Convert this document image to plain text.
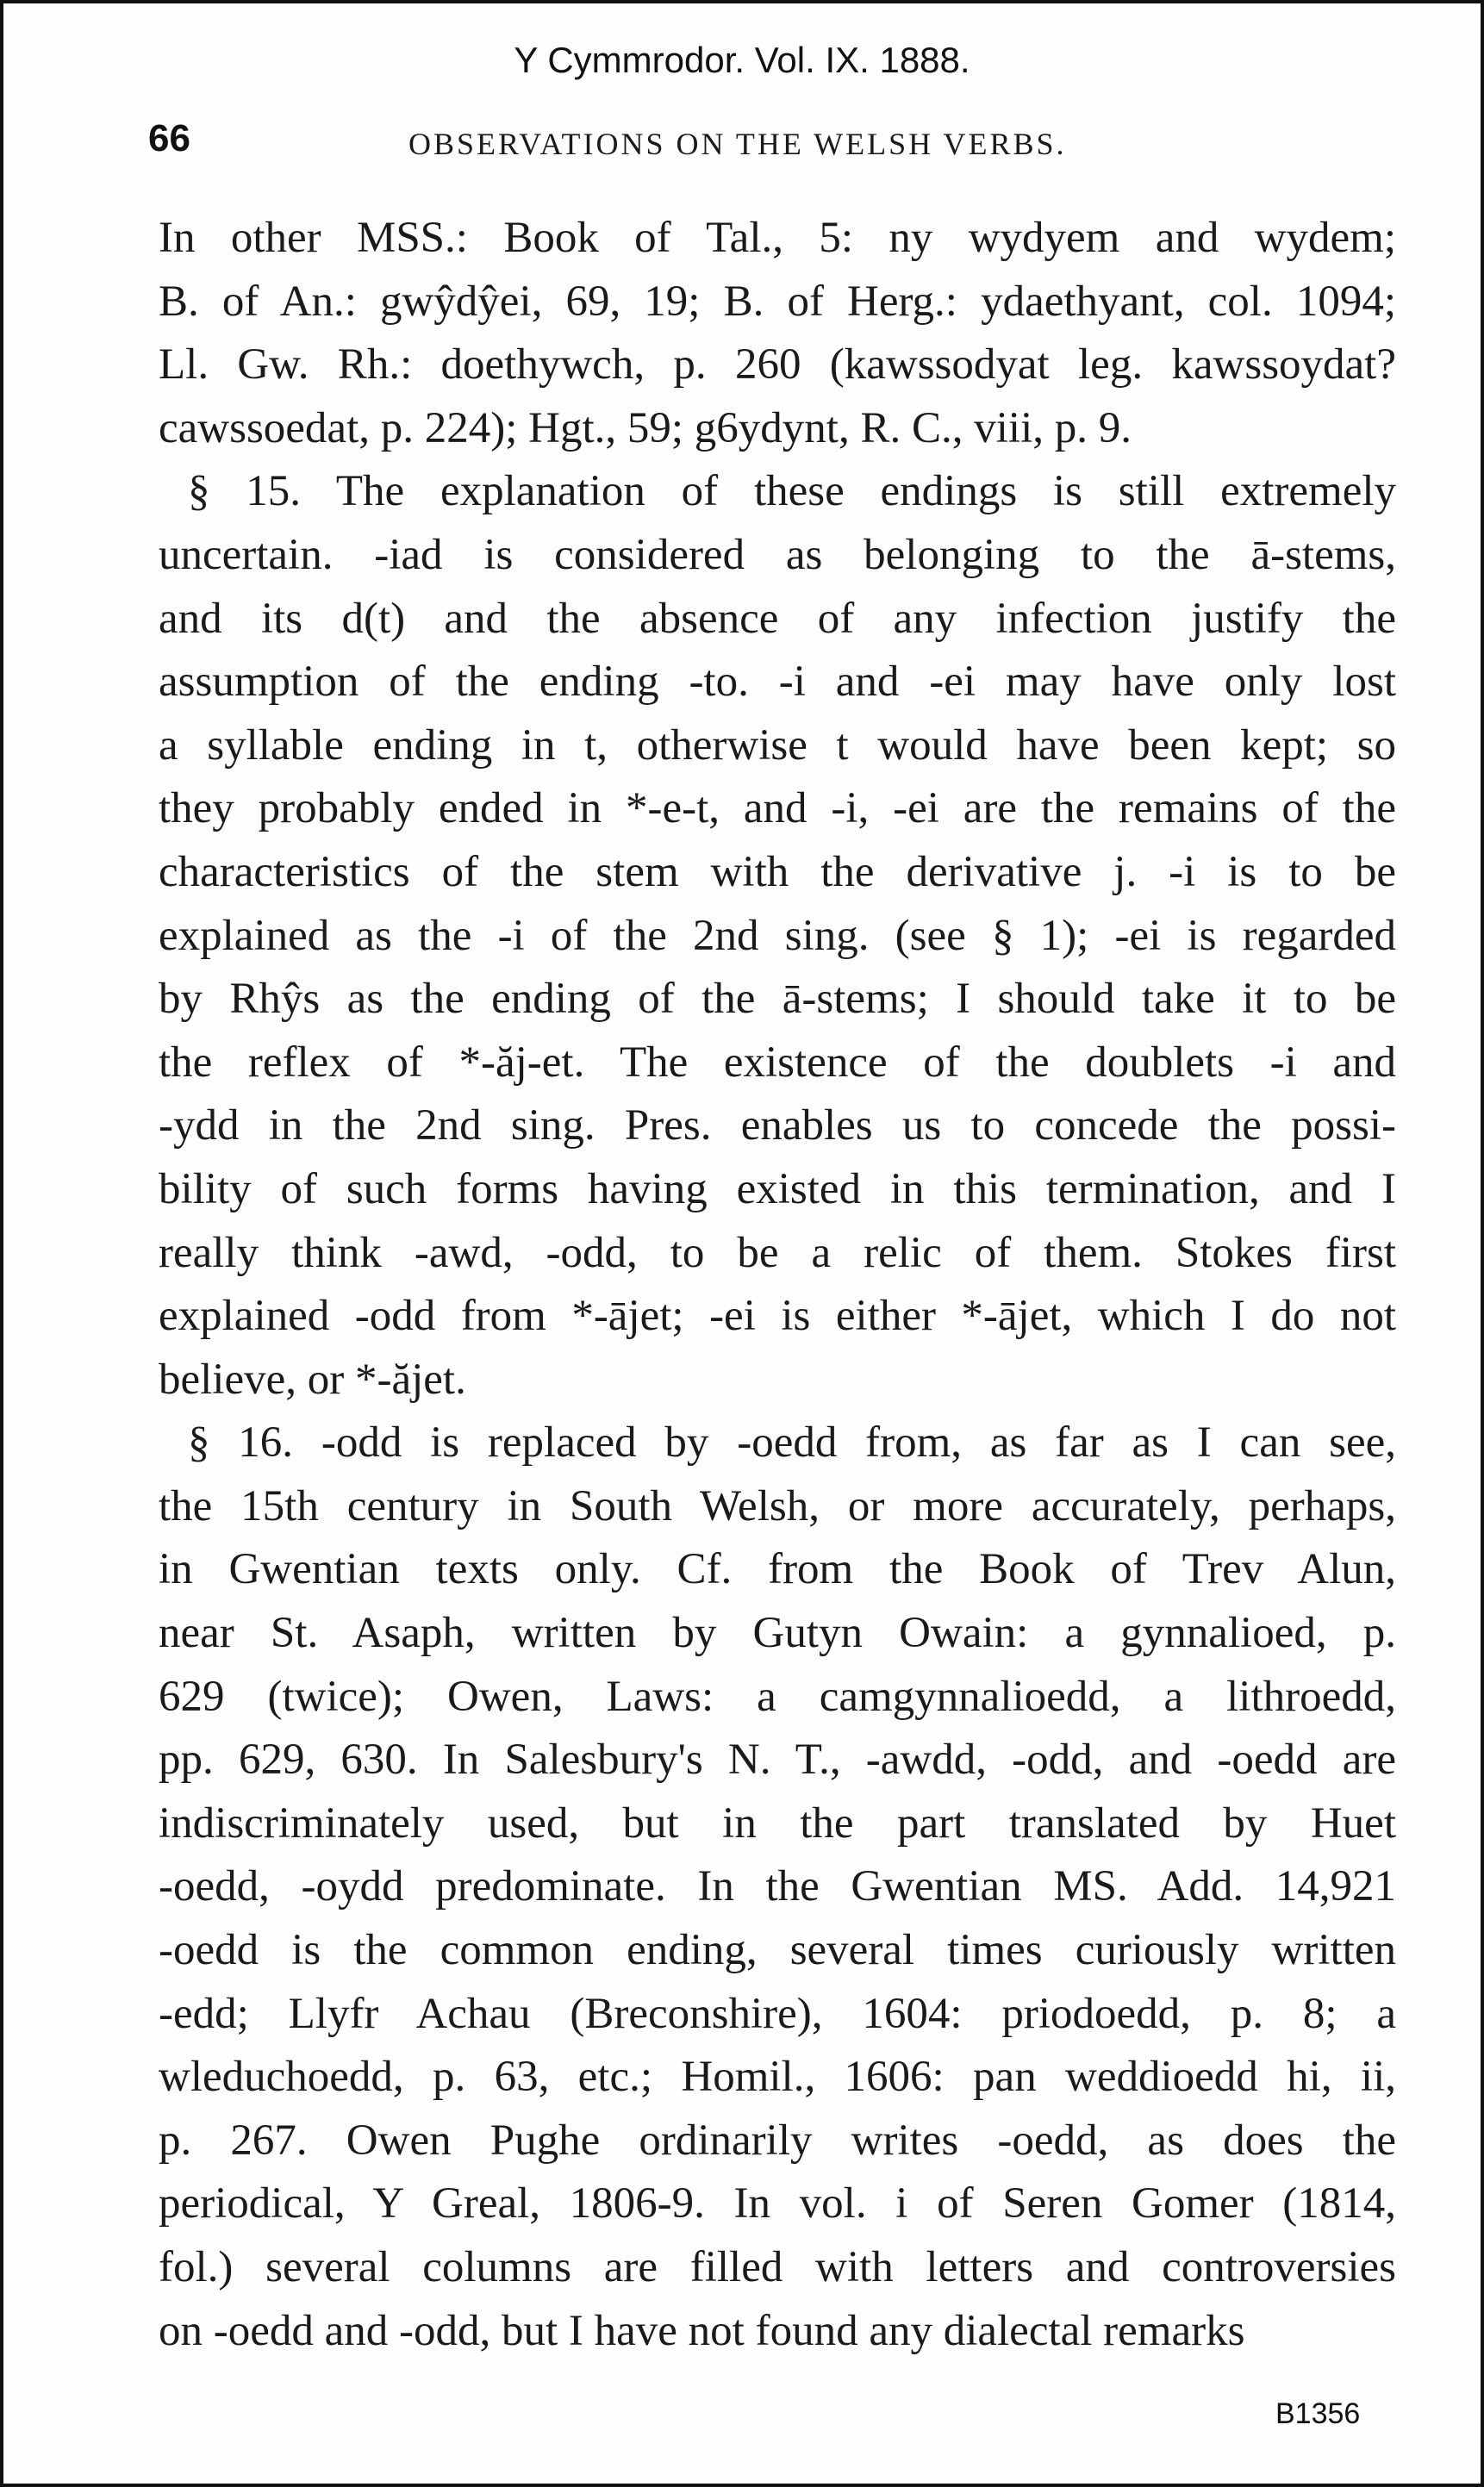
Y Cymmrodor. Vol. IX. 1888.
66	OBSERVATIONS ON THE WELSH VERBS.
In other MSS.: Book of Tal., 5: ny wydyem and wydem;
B. of An.: gwŷdŷei, 69, 19; B. of Herg.: ydaethyant, col. 1094;
Ll. Gw. Rh.: doethywch, p. 260 (kawssodyat leg. kawssoydat?
cawssoedat, p. 224); Hgt., 59; g6ydynt, R. C., viii, p. 9.
§ 15. The explanation of these endings is still extremely
uncertain. -iad is considered as belonging to the ā-stems,
and its d(t) and the absence of any infection justify the
assumption of the ending -to. -i and -ei may have only lost
a syllable ending in t, otherwise t would have been kept; so
they probably ended in *-e-t, and -i, -ei are the remains of the
characteristics of the stem with the derivative j. -i is to be
explained as the -i of the 2nd sing. (see § 1); -ei is regarded
by Rhŷs as the ending of the ā-stems; I should take it to be
the reflex of *-ăj-et. The existence of the doublets -i and
-ydd in the 2nd sing. Pres. enables us to concede the possi-
bility of such forms having existed in this termination, and I
really think -awd, -odd, to be a relic of them. Stokes first
explained -odd from *-ājet; -ei is either *-ājet, which I do not
believe, or *-ăjet.
§ 16. -odd is replaced by -oedd from, as far as I can see,
the 15th century in South Welsh, or more accurately, perhaps,
in Gwentian texts only. Cf. from the Book of Trev Alun,
near St. Asaph, written by Gutyn Owain: a gynnalioed, p.
629 (twice); Owen, Laws: a camgynnalioedd, a lithroedd,
pp. 629, 630. In Salesbury's N. T., -awdd, -odd, and -oedd are
indiscriminately used, but in the part translated by Huet
-oedd, -oydd predominate. In the Gwentian MS. Add. 14,921
-oedd is the common ending, several times curiously written
-edd; Llyfr Achau (Breconshire), 1604: priodoedd, p. 8; a
wleduchoedd, p. 63, etc.; Homil., 1606: pan weddioedd hi, ii,
p. 267. Owen Pughe ordinarily writes -oedd, as does the
periodical, Y Greal, 1806-9. In vol. i of Seren Gomer (1814,
fol.) several columns are filled with letters and controversies
on -oedd and -odd, but I have not found any dialectal remarks
B1356
